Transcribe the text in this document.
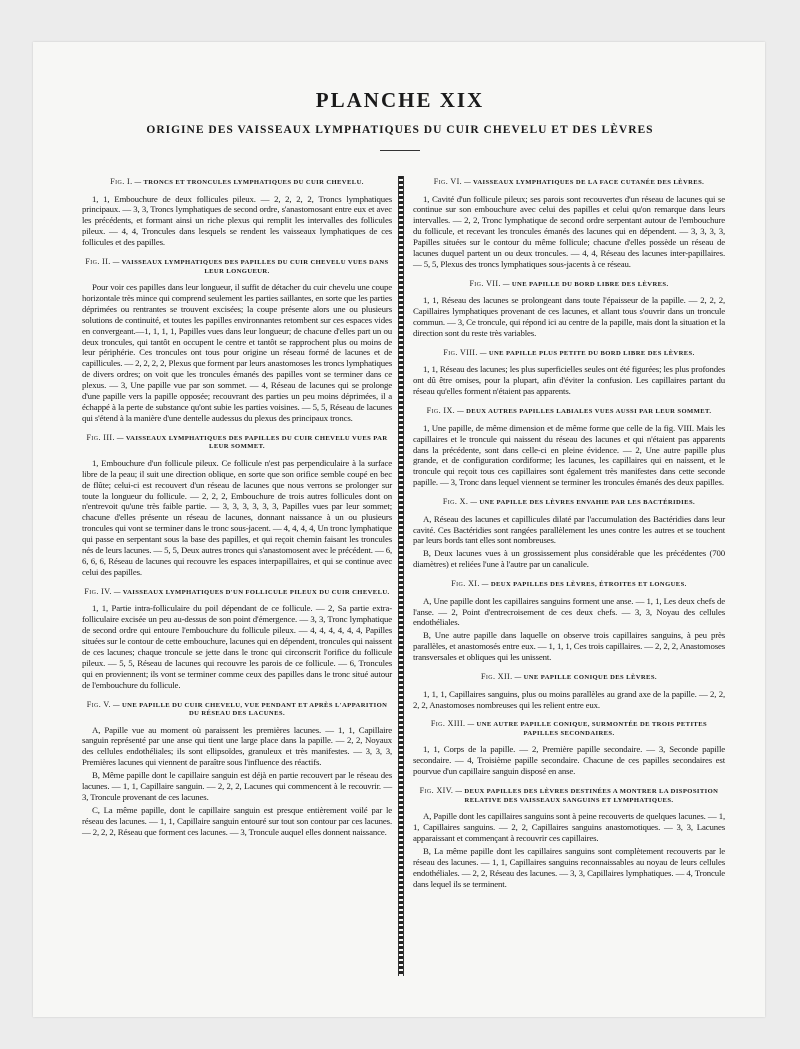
PLANCHE XIX
ORIGINE DES VAISSEAUX LYMPHATIQUES DU CUIR CHEVELU ET DES LÈVRES
Fig. I. — TRONCS ET TRONCULES LYMPHATIQUES DU CUIR CHEVELU.

1, 1, Embouchure de deux follicules pileux. — 2, 2, 2, 2, Troncs lymphatiques principaux. — 3, 3, Troncs lymphatiques de second ordre, s'anastomosant entre eux et avec les précédents, et formant ainsi un riche plexus qui remplit les intervalles des follicules pileux. — 4, 4, Troncules dans lesquels se rendent les vaisseaux lymphatiques de ces follicules et des papilles.

Fig. II. — VAISSEAUX LYMPHATIQUES DES PAPILLES DU CUIR CHEVELU VUES DANS LEUR LONGUEUR.

Pour voir ces papilles dans leur longueur, il suffit de détacher du cuir chevelu une coupe horizontale très mince qui comprend seulement les parties saillantes, en sorte que les parties déprimées ou rentrantes se trouvent excisées; la coupe présente alors une ou plusieurs solutions de continuité, et toutes les papilles environnantes retombent sur ces espaces vides en convergeant.—1, 1, 1, 1, Papilles vues dans leur longueur; de chacune d'elles part un ou deux troncules, qui tantôt en occupent le centre et tantôt se rapprochent plus ou moins de leur périphérie. Ces troncules ont tous pour origine un réseau formé de lacunes et de capillicules. — 2, 2, 2, 2, Plexus que forment par leurs anastomoses les troncs lymphatiques de divers ordres; on voit que les troncules émanés des papilles vont se terminer dans ce plexus. — 3, Une papille vue par son sommet. — 4, Réseau de lacunes qui se prolonge d'une papille vers la papille opposée; recouvrant des parties un peu moins déprimées, il a échappé à la perte de substance qu'ont subie les parties voisines. — 5, 5, Réseau de lacunes qui s'étend à la manière d'une dentelle audessus du plexus des principaux troncs.

Fig. III. — VAISSEAUX LYMPHATIQUES DES PAPILLES DU CUIR CHEVELU VUES PAR LEUR SOMMET.

1, Embouchure d'un follicule pileux. Ce follicule n'est pas perpendiculaire à la surface libre de la peau; il suit une direction oblique, en sorte que son orifice semble coupé en bec de flûte; celui-ci est recouvert d'un réseau de lacunes que nous verrons se prolonger sur toute la longueur du follicule. — 2, 2, 2, Embouchure de trois autres follicules dont on n'entrevoit qu'une très faible partie. — 3, 3, 3, 3, 3, 3, Papilles vues par leur sommet; chacune d'elles présente un réseau de lacunes, donnant naissance à un ou plusieurs troncules qui vont se terminer dans le tronc sous-jacent. — 4, 4, 4, 4, Un tronc lymphatique qui passe en serpentant sous la base des papilles, et qui reçoit chemin faisant les troncules nés de leurs lacunes. — 5, 5, Deux autres troncs qui s'anastomosent avec le précédent. — 6, 6, 6, 6, Réseau de lacunes qui recouvre les espaces interpapillaires, et qui se continue avec celui des papilles.

Fig. IV. — VAISSEAUX LYMPHATIQUES D'UN FOLLICULE PILEUX DU CUIR CHEVELU.

1, 1, Partie intra-folliculaire du poil dépendant de ce follicule. — 2, Sa partie extra-folliculaire excisée un peu au-dessus de son point d'émergence. — 3, 3, Tronc lymphatique de second ordre qui entoure l'embouchure du follicule pileux. — 4, 4, 4, 4, 4, 4, Papilles situées sur le contour de cette embouchure, lacunes qui en dépendent, troncules qui naissent de ces lacunes; chaque troncule se jette dans le tronc qui circonscrit l'orifice du follicule pileux. — 5, 5, Réseau de lacunes qui recouvre les parois de ce follicule. — 6, Troncules qui en proviennent; ils vont se terminer comme ceux des papilles dans le tronc situé autour de l'embouchure du follicule.

Fig. V. — UNE PAPILLE DU CUIR CHEVELU, VUE PENDANT ET APRÈS L'APPARITION DU RÉSEAU DES LACUNES.

A, Papille vue au moment où paraissent les premières lacunes. — 1, 1, Capillaire sanguin représenté par une anse qui tient une large place dans la papille. — 2, 2, Noyaux des cellules endothéliales; ils sont ellipsoïdes, granuleux et très manifestes. — 3, 3, 3, Premières lacunes qui viennent de paraître sous l'influence des réactifs.

B, Même papille dont le capillaire sanguin est déjà en partie recouvert par le réseau des lacunes. — 1, 1, Capillaire sanguin. — 2, 2, 2, Lacunes qui commencent à le recouvrir. — 3, Troncule provenant de ces lacunes.

C, La même papille, dont le capillaire sanguin est presque entièrement voilé par le réseau des lacunes. — 1, 1, Capillaire sanguin entouré sur tout son contour par ces lacunes. — 2, 2, 2, Réseau que forment ces lacunes. — 3, Troncule auquel elles donnent naissance.

Fig. VI. — VAISSEAUX LYMPHATIQUES DE LA FACE CUTANÉE DES LÈVRES.

1, Cavité d'un follicule pileux; ses parois sont recouvertes d'un réseau de lacunes qui se continue sur son embouchure avec celui des papilles et celui qu'on remarque dans leurs intervalles. — 2, 2, Tronc lymphatique de second ordre serpentant autour de l'embouchure du follicule, et recevant les troncules émanés des lacunes qui en dépendent. — 3, 3, 3, 3, Papilles situées sur le contour du même follicule; chacune d'elles possède un réseau de lacunes duquel partent un ou deux troncules. — 4, 4, Réseau des lacunes inter-papillaires. — 5, 5, Plexus des troncs lymphatiques sous-jacents à ce réseau.

Fig. VII. — UNE PAPILLE DU BORD LIBRE DES LÈVRES.

1, 1, Réseau des lacunes se prolongeant dans toute l'épaisseur de la papille. — 2, 2, 2, Capillaires lymphatiques provenant de ces lacunes, et allant tous s'ouvrir dans un troncule commun. — 3, Ce troncule, qui répond ici au centre de la papille, mais dont la situation et la direction sont du reste très variables.

Fig. VIII. — UNE PAPILLE PLUS PETITE DU BORD LIBRE DES LÈVRES.

1, 1, Réseau des lacunes; les plus superficielles seules ont été figurées; les plus profondes ont dû être omises, pour la plupart, afin d'éviter la confusion. Les capillaires partant du réseau qu'elles forment n'étaient pas apparents.

Fig. IX. — DEUX AUTRES PAPILLES LABIALES VUES AUSSI PAR LEUR SOMMET.

1, Une papille, de même dimension et de même forme que celle de la fig. VIII. Mais les capillaires et le troncule qui naissent du réseau des lacunes et qui n'étaient pas apparents dans la précédente, sont dans celle-ci en pleine évidence. — 2, Une autre papille plus grande, et de configuration cordiforme; les lacunes, les capillaires qui en naissent, et le troncule qui reçoit tous ces capillaires sont également très manifestes dans cette seconde papille. — 3, Tronc dans lequel viennent se terminer les troncules émanés des deux papilles.

Fig. X. — UNE PAPILLE DES LÈVRES ENVAHIE PAR LES BACTÉRIDIES.

A, Réseau des lacunes et capillicules dilaté par l'accumulation des Bactéridies dans leur cavité. Ces Bactéridies sont rangées parallèlement les unes contre les autres et se touchent par leurs bords tant elles sont nombreuses.

B, Deux lacunes vues à un grossissement plus considérable que les précédentes (700 diamètres) et reliées l'une à l'autre par un canalicule.

Fig. XI. — DEUX PAPILLES DES LÈVRES, ÉTROITES ET LONGUES.

A, Une papille dont les capillaires sanguins forment une anse. — 1, 1, Les deux chefs de l'anse. — 2, Point d'entrecroisement de ces deux chefs. — 3, 3, Noyau des cellules endothéliales.

B, Une autre papille dans laquelle on observe trois capillaires sanguins, à peu près parallèles, et anastomosés entre eux. — 1, 1, 1, Ces trois capillaires. — 2, 2, 2, Anastomoses transversales et obliques qui les unissent.

Fig. XII. — UNE PAPILLE CONIQUE DES LÈVRES.

1, 1, 1, Capillaires sanguins, plus ou moins parallèles au grand axe de la papille. — 2, 2, 2, 2, Anastomoses nombreuses qui les relient entre eux.

Fig. XIII. — UNE AUTRE PAPILLE CONIQUE, SURMONTÉE DE TROIS PETITES PAPILLES SECONDAIRES.

1, 1, Corps de la papille. — 2, Première papille secondaire. — 3, Seconde papille secondaire. — 4, Troisième papille secondaire. Chacune de ces papilles secondaires est pourvue d'un capillaire sanguin disposé en anse.

Fig. XIV. — DEUX PAPILLES DES LÈVRES DESTINÉES A MONTRER LA DISPOSITION RELATIVE DES VAISSEAUX SANGUINS ET LYMPHATIQUES.

A, Papille dont les capillaires sanguins sont à peine recouverts de quelques lacunes. — 1, 1, Capillaires sanguins. — 2, 2, Capillaires sanguins anastomotiques. — 3, 3, Lacunes apparaissant et commençant à recouvrir ces capillaires.

B, La même papille dont les capillaires sanguins sont complètement recouverts par le réseau des lacunes. — 1, 1, Capillaires sanguins reconnaissables au noyau de leurs cellules endothéliales. — 2, 2, Réseau des lacunes. — 3, 3, Capillaires lymphatiques. — 4, Troncule dans lequel ils se terminent.
